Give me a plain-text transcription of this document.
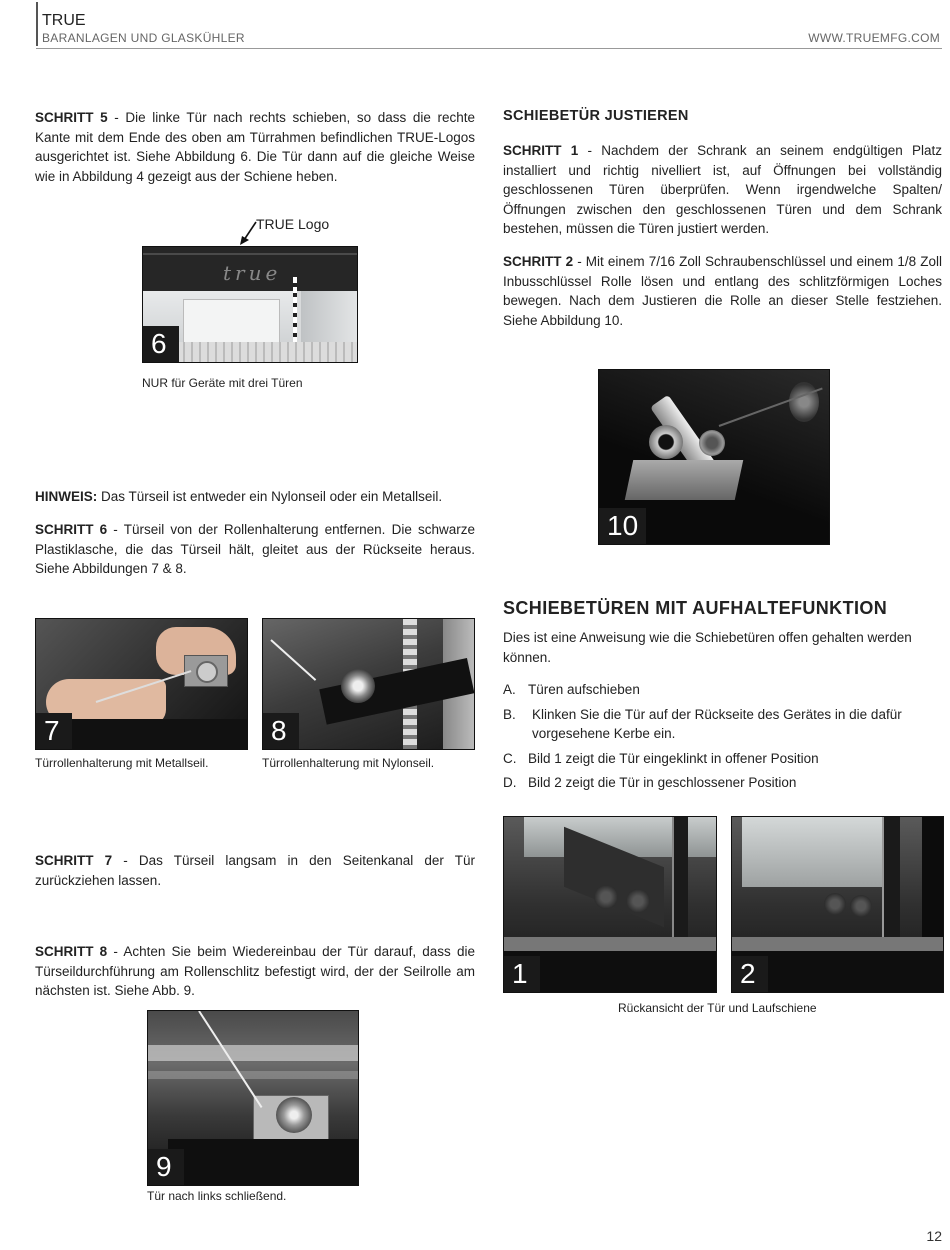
TRUE
BARANLAGEN UND GLASKÜHLER	WWW.TRUEMFG.COM

SCHRITT 5 - Die linke Tür nach rechts schieben, so dass die rechte Kante mit dem Ende des oben am Türrahmen befindlichen TRUE-Logos ausgerichtet ist. Siehe Abbildung 6. Die Tür dann auf die gleiche Weise wie in Abbildung 4 gezeigt aus der Schiene heben.

TRUE Logo
true
6
NUR für Geräte mit drei Türen

HINWEIS: Das Türseil ist entweder ein Nylonseil oder ein Metallseil.

SCHRITT 6 - Türseil von der Rollenhalterung entfernen. Die schwarze Plastiklasche, die das Türseil hält, gleitet aus der Rückseite heraus. Siehe Abbildungen 7 & 8.

7
Türrollenhalterung mit Metallseil.
8
Türrollenhalterung mit Nylonseil.

SCHRITT 7 - Das Türseil langsam in den Seitenkanal der Tür zurückziehen lassen.

SCHRITT 8 - Achten Sie beim Wiedereinbau der Tür darauf, dass die Türseildurchführung am Rollenschlitz befestigt wird, der der Seilrolle am nächsten ist. Siehe Abb. 9.

9
Tür nach links schließend.
SCHIEBETÜR JUSTIEREN

SCHRITT 1 - Nachdem der Schrank an seinem endgültigen Platz installiert und richtig nivelliert ist, auf Öffnungen bei vollständig geschlossenen Türen überprüfen. Wenn irgendwelche Spalten/Öffnungen zwischen den geschlossenen Türen und dem Schrank bestehen, müssen die Türen justiert werden.

SCHRITT 2 - Mit einem 7/16 Zoll Schraubenschlüssel und einem 1/8 Zoll Inbusschlüssel Rolle lösen und entlang des schlitzförmigen Loches bewegen. Nach dem Justieren die Rolle an dieser Stelle festziehen. Siehe Abbildung 10.

10
SCHIEBETÜREN MIT AUFHALTEFUNKTION

Dies ist eine Anweisung wie die Schiebetüren offen gehalten werden können.

A. Türen aufschieben
B.	Klinken Sie die Tür auf der Rückseite des Gerätes in die dafür vorgesehene Kerbe ein.
C. Bild 1 zeigt die Tür eingeklinkt in offener Position
D. Bild 2 zeigt die Tür in geschlossener Position
1	2
Rückansicht der Tür und Laufschiene
12
